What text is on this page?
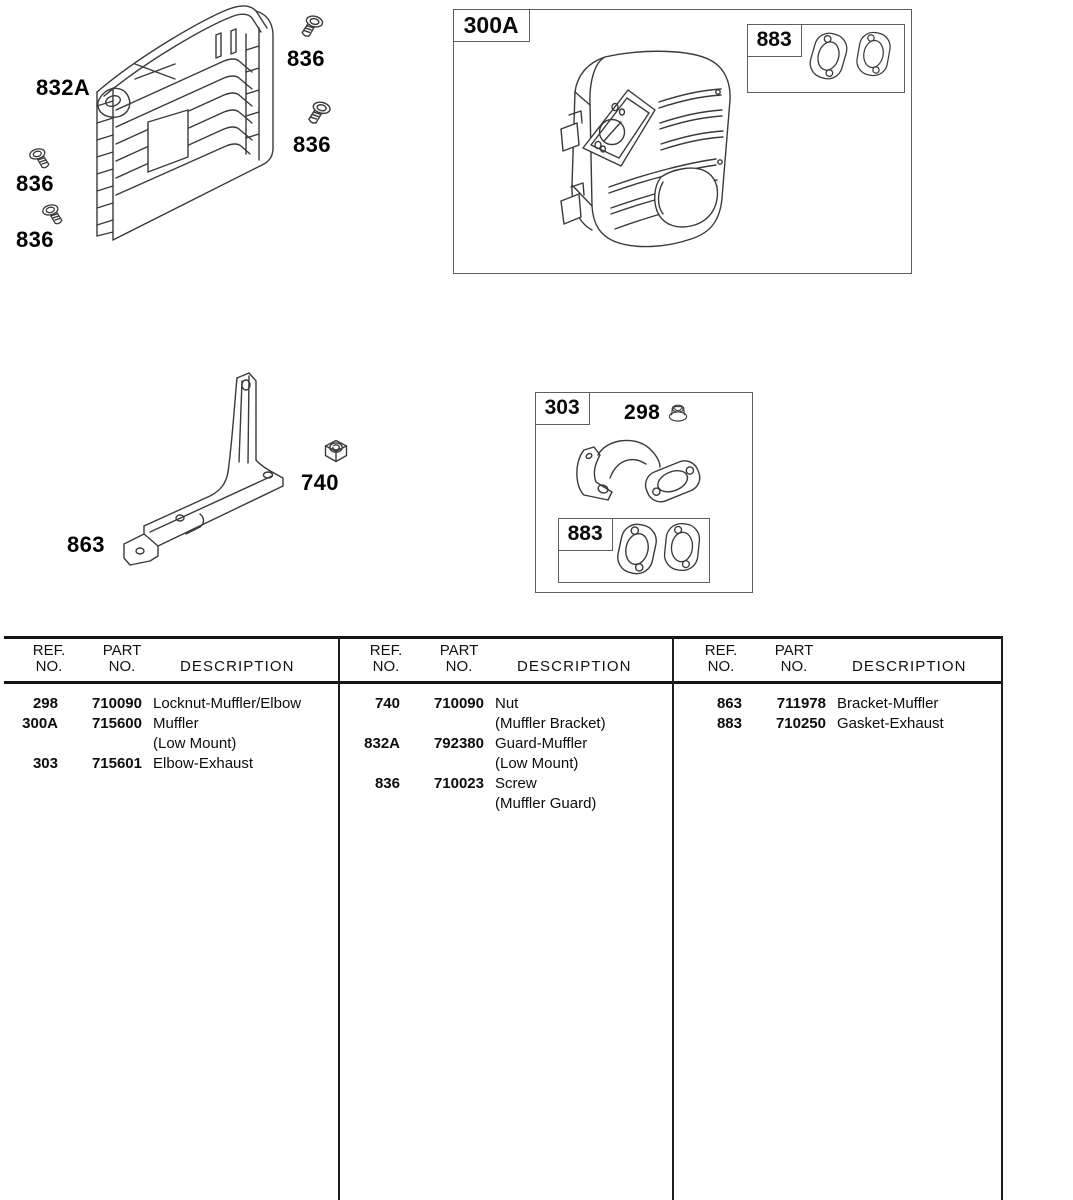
832A
836
836
836
836
300A
883
863
740
303	298
883
REF.
NO.
PART
NO.	DESCRIPTION
REF.
NO.
PART
NO.	DESCRIPTION
REF.
NO.
PART
NO.	DESCRIPTION
298	710090 Locknut-Muffler/Elbow
300A	715600 Muffler
(Low Mount)
303	715601 Elbow-Exhaust
740	710090 Nut
(Muffler Bracket)
832A	792380 Guard-Muffler
(Low Mount)
836	710023 Screw
(Muffler Guard)
863	711978 Bracket-Muffler
883	710250 Gasket-Exhaust
